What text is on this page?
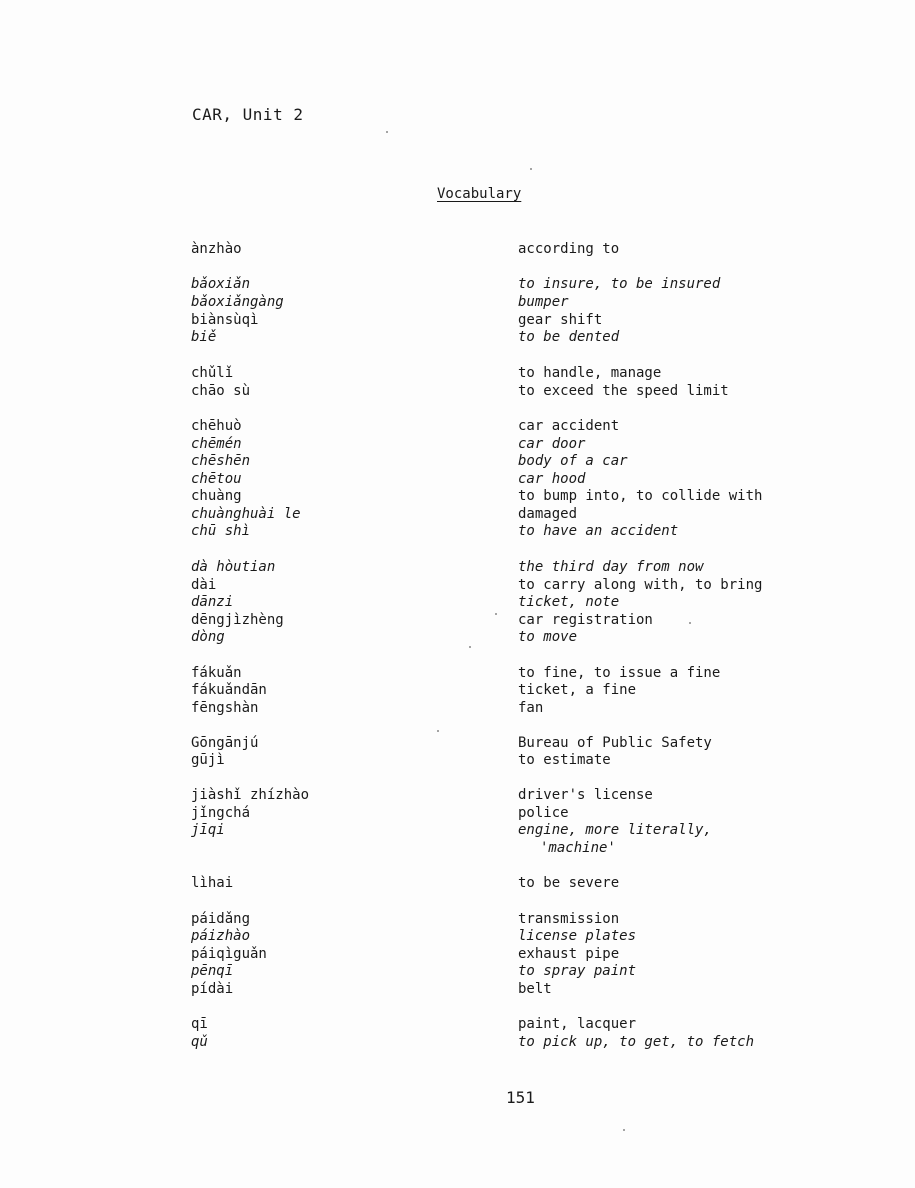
CAR, Unit 2
Vocabulary
ànzhào	according to
bǎoxiǎn	to insure, to be insured
bǎoxiǎngàng	bumper
biànsùqì	gear shift
biě	to be dented
chǔlǐ	to handle, manage
chāo sù	to exceed the speed limit
chēhuò	car accident
chēmén	car door
chēshēn	body of a car
chētou	car hood
chuàng	to bump into, to collide with
chuànghuài le	damaged
chū shì	to have an accident
dà hòutian	the third day from now
dài	to carry along with, to bring
dānzi	ticket, note
dēngjìzhèng	car registration
dòng	to move
fákuǎn	to fine, to issue a fine
fákuǎndān	ticket, a fine
fēngshàn	fan
Gōngānjú	Bureau of Public Safety
gūjì	to estimate
jiàshǐ zhízhào	driver's license
jǐngchá	police
jīqi	engine, more literally,
'machine'
lìhai	to be severe
páidǎng	transmission
páizhào	license plates
páiqìguǎn	exhaust pipe
pēnqī	to spray paint
pídài	belt
qī	paint, lacquer
qǔ	to pick up, to get, to fetch
151
